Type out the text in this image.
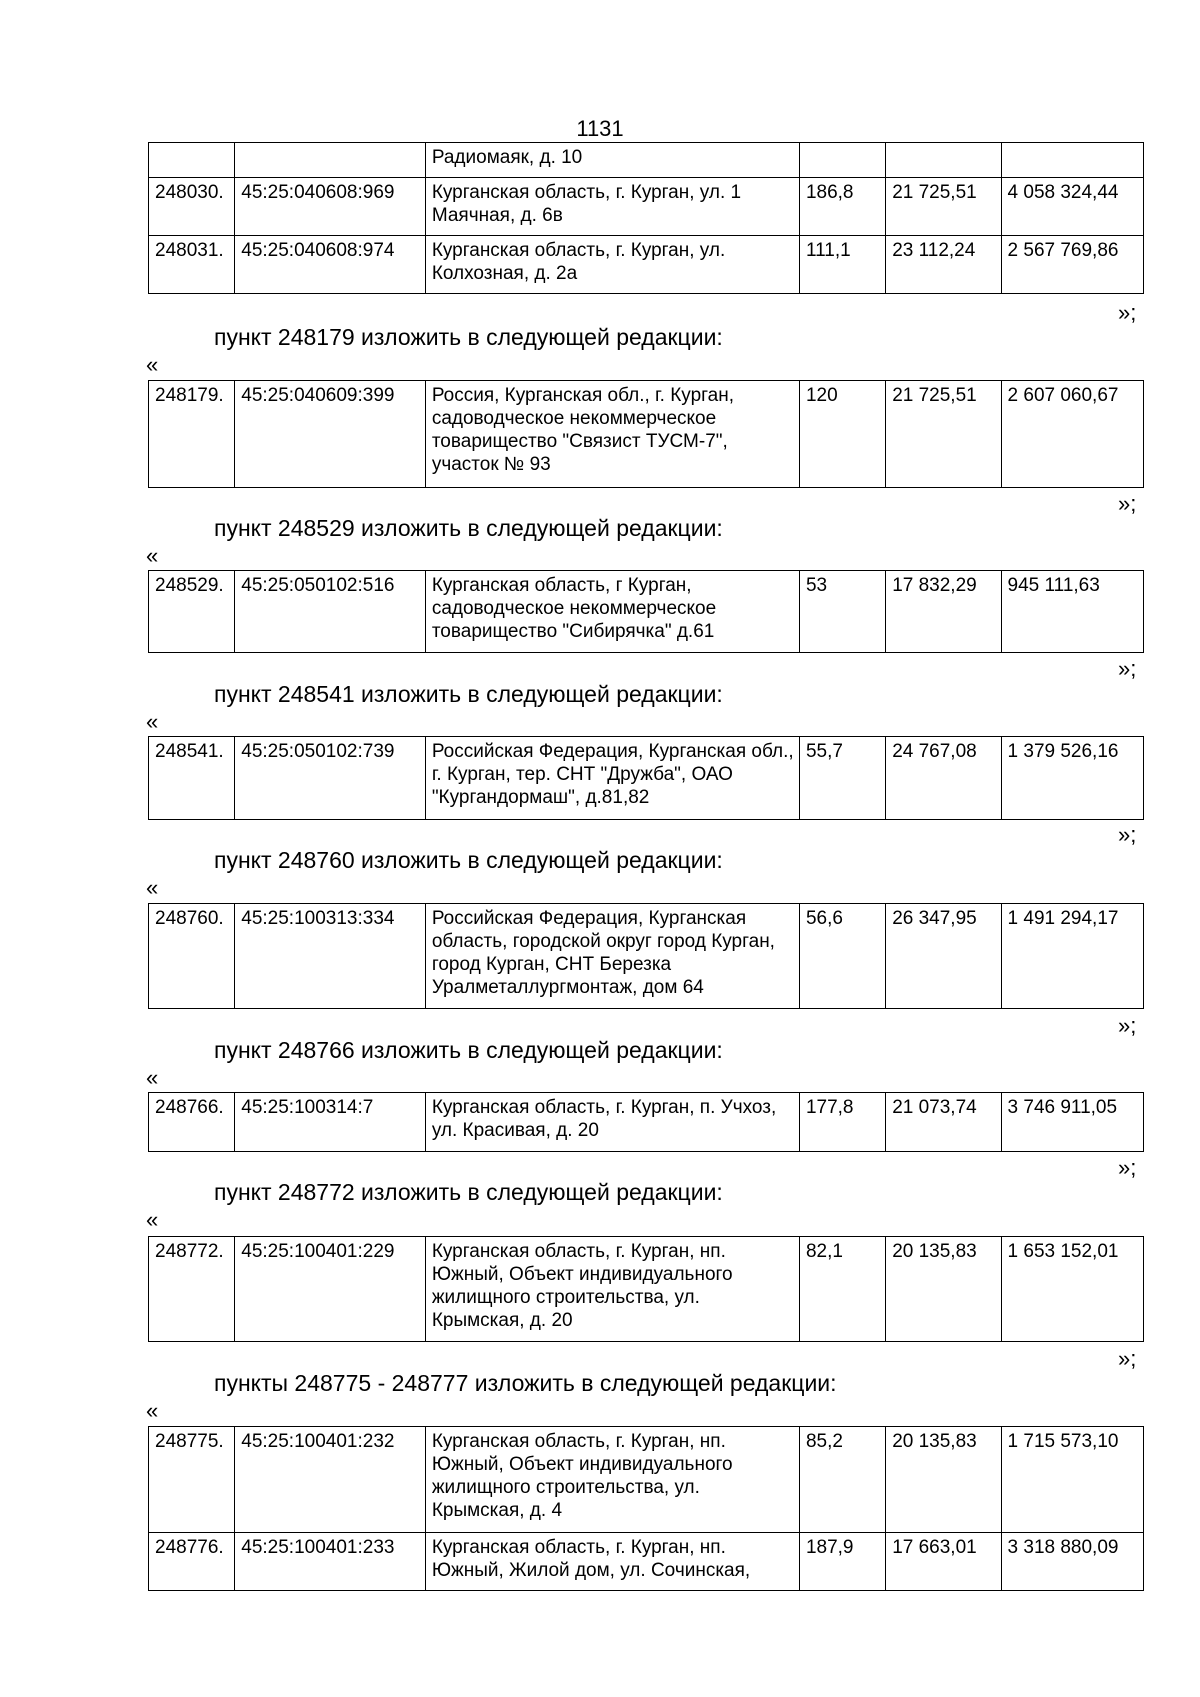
1131
		Радиомаяк, д. 10			
248030.	45:25:040608:969	Курганская область, г. Курган, ул. 1 Маячная, д. 6в	186,8	21 725,51	4 058 324,44
248031.	45:25:040608:974	Курганская область, г. Курган, ул. Колхозная, д. 2а	111,1	23 112,24	2 567 769,86
»;
пункт 248179 изложить в следующей редакции:
«
248179.	45:25:040609:399	Россия, Курганская обл., г. Курган, садоводческое некоммерческое товарищество "Связист ТУСМ-7", участок № 93	120	21 725,51	2 607 060,67
»;
пункт 248529 изложить в следующей редакции:
«
248529.	45:25:050102:516	Курганская область, г Курган, садоводческое некоммерческое товарищество "Сибирячка" д.61	53	17 832,29	945 111,63
»;
пункт 248541 изложить в следующей редакции:
«
248541.	45:25:050102:739	Российская Федерация, Курганская обл., г. Курган, тер. СНТ "Дружба", ОАО "Кургандормаш", д.81,82	55,7	24 767,08	1 379 526,16
»;
пункт 248760 изложить в следующей редакции:
«
248760.	45:25:100313:334	Российская Федерация, Курганская область, городской округ город Курган, город Курган, СНТ Березка Уралметаллургмонтаж, дом 64	56,6	26 347,95	1 491 294,17
»;
пункт 248766 изложить в следующей редакции:
«
248766.	45:25:100314:7	Курганская область, г. Курган, п. Учхоз, ул. Красивая, д. 20	177,8	21 073,74	3 746 911,05
»;
пункт 248772 изложить в следующей редакции:
«
248772.	45:25:100401:229	Курганская область, г. Курган, нп. Южный, Объект индивидуального жилищного строительства, ул. Крымская, д. 20	82,1	20 135,83	1 653 152,01
»;
пункты 248775 - 248777 изложить в следующей редакции:
«
248775.	45:25:100401:232	Курганская область, г. Курган, нп. Южный, Объект индивидуального жилищного строительства, ул. Крымская, д. 4	85,2	20 135,83	1 715 573,10
248776.	45:25:100401:233	Курганская область, г. Курган, нп. Южный, Жилой дом, ул. Сочинская,	187,9	17 663,01	3 318 880,09
